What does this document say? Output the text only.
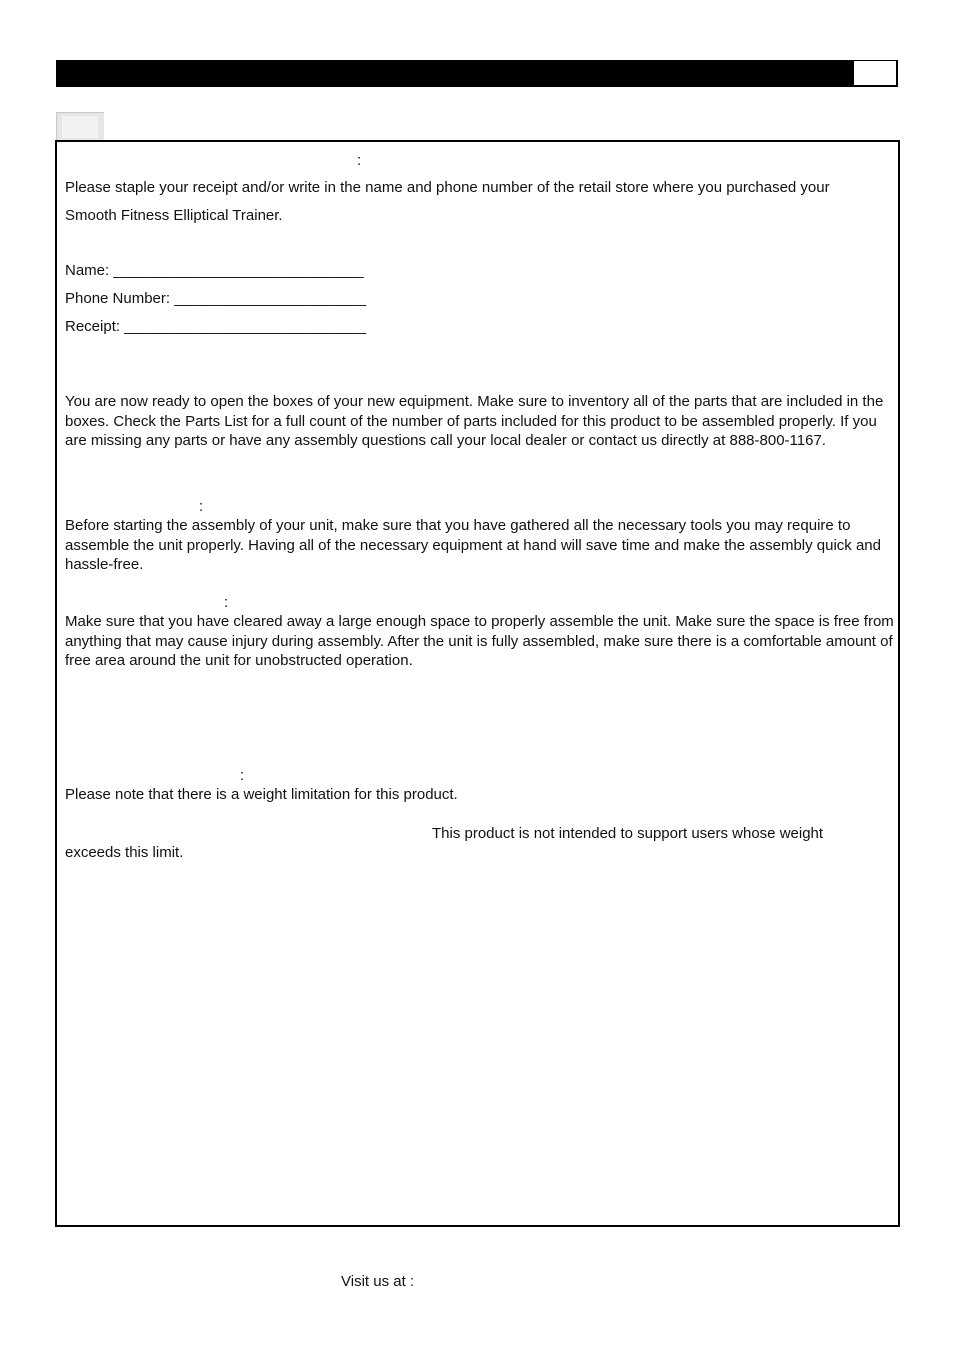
:
Please staple your receipt and/or write in the name and phone number of the retail store where you purchased your
Smooth Fitness Elliptical Trainer.
Name: ______________________________
Phone Number: _______________________
Receipt: _____________________________
You are now ready to open the boxes of your new equipment. Make sure to inventory all of the parts that are included in the boxes. Check the Parts List for a full count of the number of parts included for this product to be assembled properly. If you are missing any parts or have any assembly questions call your local dealer or contact us directly at 888-800-1167.
:
Before starting the assembly of your unit, make sure that you have gathered all the necessary tools you may require to assemble the unit properly. Having all of the necessary equipment at hand will save time and make the assembly quick and hassle-free.
:
Make sure that you have cleared away a large enough space to properly assemble the unit. Make sure the space is free from anything that may cause injury during assembly. After the unit is fully assembled, make sure there is a comfortable amount of free area around the unit for unobstructed operation.
:
Please note that there is a weight limitation for this product.
This product is not intended to support users whose weight
exceeds this limit.
Visit us at :
